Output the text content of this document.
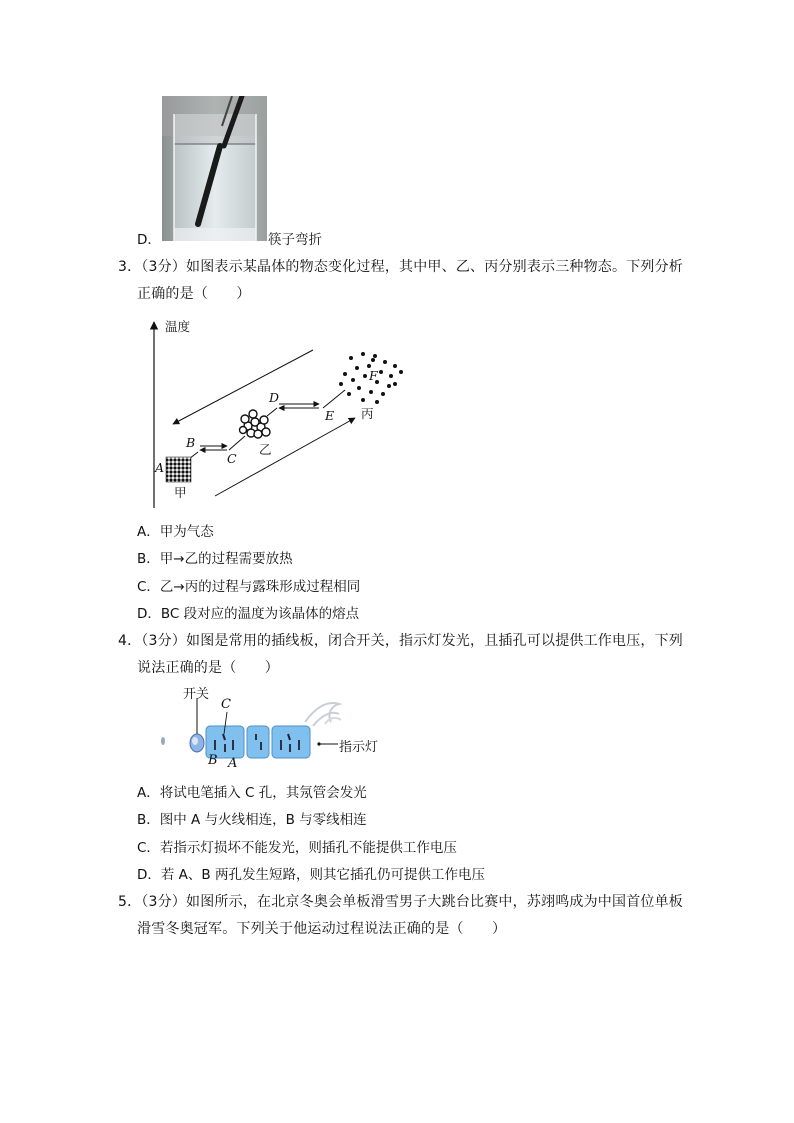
D．	筷子弯折
3．（3分）如图表示某晶体的物态变化过程，其中甲、乙、丙分别表示三种物态。下列分析
正确的是（　　）
温度
A
B
C
D
E
F
甲
乙
丙
A．甲为气态
B．甲→乙的过程需要放热
C．乙→丙的过程与露珠形成过程相同
D．BC 段对应的温度为该晶体的熔点
4．（3分）如图是常用的插线板，闭合开关，指示灯发光，且插孔可以提供工作电压，下列
说法正确的是（　　）
开关
C
B A
指示灯
A．将试电笔插入 C 孔，其氖管会发光
B．图中 A 与火线相连，B 与零线相连
C．若指示灯损坏不能发光，则插孔不能提供工作电压
D．若 A、B 两孔发生短路，则其它插孔仍可提供工作电压
5．（3分）如图所示，在北京冬奥会单板滑雪男子大跳台比赛中，苏翊鸣成为中国首位单板
滑雪冬奥冠军。下列关于他运动过程说法正确的是（　　）
